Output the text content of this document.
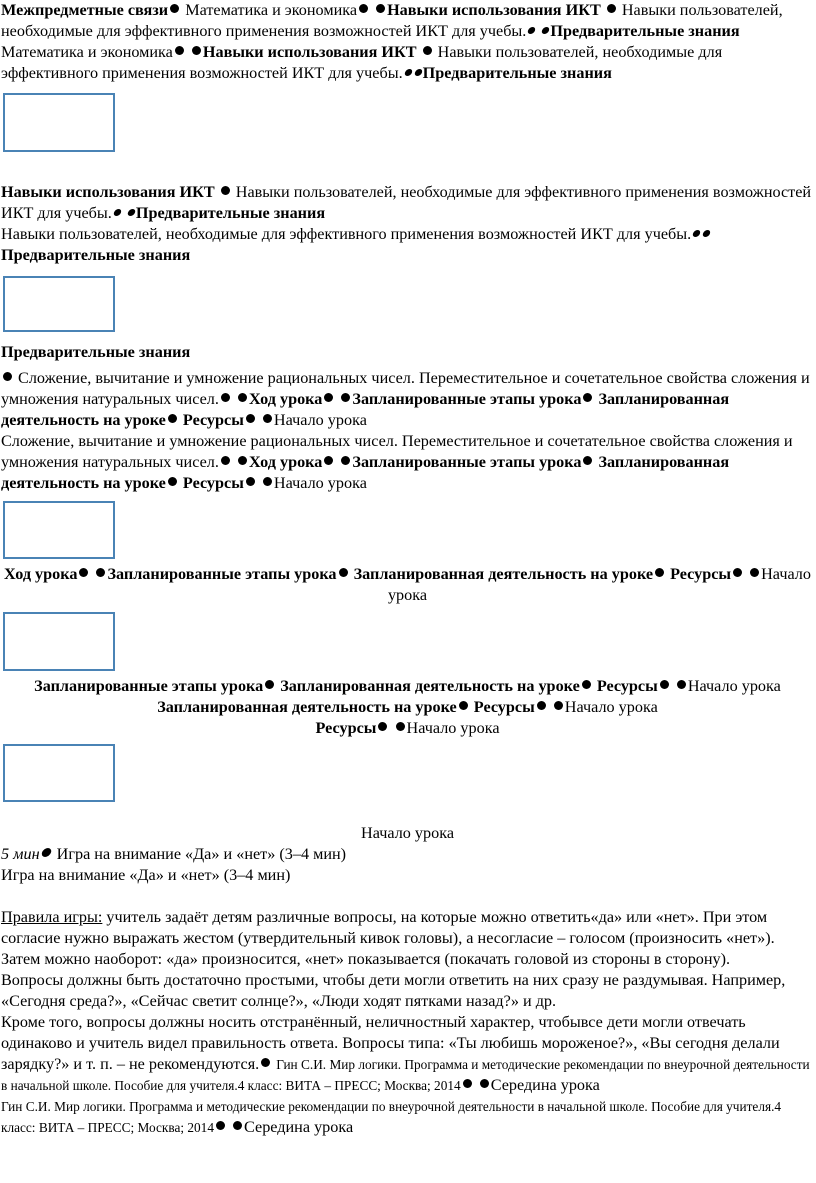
Межпредметные связи Математика и экономика Навыки использования ИКТ Навыки пользователей, необходимые для эффективного применения возможностей ИКТ для учебы. Предварительные знания

Математика и экономика Навыки использования ИКТ Навыки пользователей, необходимые для эффективного применения возможностей ИКТ для учебы. Предварительные знания

Навыки использования ИКТ Навыки пользователей, необходимые для эффективного применения возможностей ИКТ для учебы. Предварительные знания

Навыки пользователей, необходимые для эффективного применения возможностей ИКТ для учебы.Предварительные знания

Предварительные знания

Сложение, вычитание и умножение рациональных чисел. Переместительное и сочетательное свойства сложения и умножения натуральных чисел. Ход урока Запланированные этапы урока Запланированная деятельность на уроке Ресурсы Начало урока

Сложение, вычитание и умножение рациональных чисел. Переместительное и сочетательное свойства сложения и умножения натуральных чисел. Ход урока Запланированные этапы урока Запланированная деятельность на уроке Ресурсы Начало урока

Ход урока Запланированные этапы урока Запланированная деятельность на уроке Ресурсы Начало урока

Запланированные этапы урока Запланированная деятельность на уроке Ресурсы Начало урока

Запланированная деятельность на уроке Ресурсы Начало урока

Ресурсы Начало урока

Начало урока

5 мин Игра на внимание «Да» и «нет» (3–4 мин)

Игра на внимание «Да» и «нет» (3–4 мин)

Правила игры: учитель задаёт детям различные вопросы, на которые можно ответить«да» или «нет». При этом согласие нужно выражать жестом (утвердительный кивок головы), а несогласие – голосом (произносить «нет»). Затем можно наоборот: «да» произносится, «нет» показывается (покачать головой из стороны в сторону).

Вопросы должны быть достаточно простыми, чтобы дети могли ответить на них сразу не раздумывая. Например, «Сегодня среда?», «Сейчас светит солнце?», «Люди ходят пятками назад?» и др.

Кроме того, вопросы должны носить отстранённый, неличностный характер, чтобывсе дети могли отвечать одинаково и учитель видел правильность ответа. Вопросы типа: «Ты любишь мороженое?», «Вы сегодня делали зарядку?» и т. п. – не рекомендуются. Гин С.И. Мир логики. Программа и методические рекомендации по внеурочной деятельности в начальной школе. Пособие для учителя.4 класс: ВИТА – ПРЕСС; Москва; 2014 Середина урока

Гин С.И. Мир логики. Программа и методические рекомендации по внеурочной деятельности в начальной школе. Пособие для учителя.4 класс: ВИТА – ПРЕСС; Москва; 2014 Середина урока
